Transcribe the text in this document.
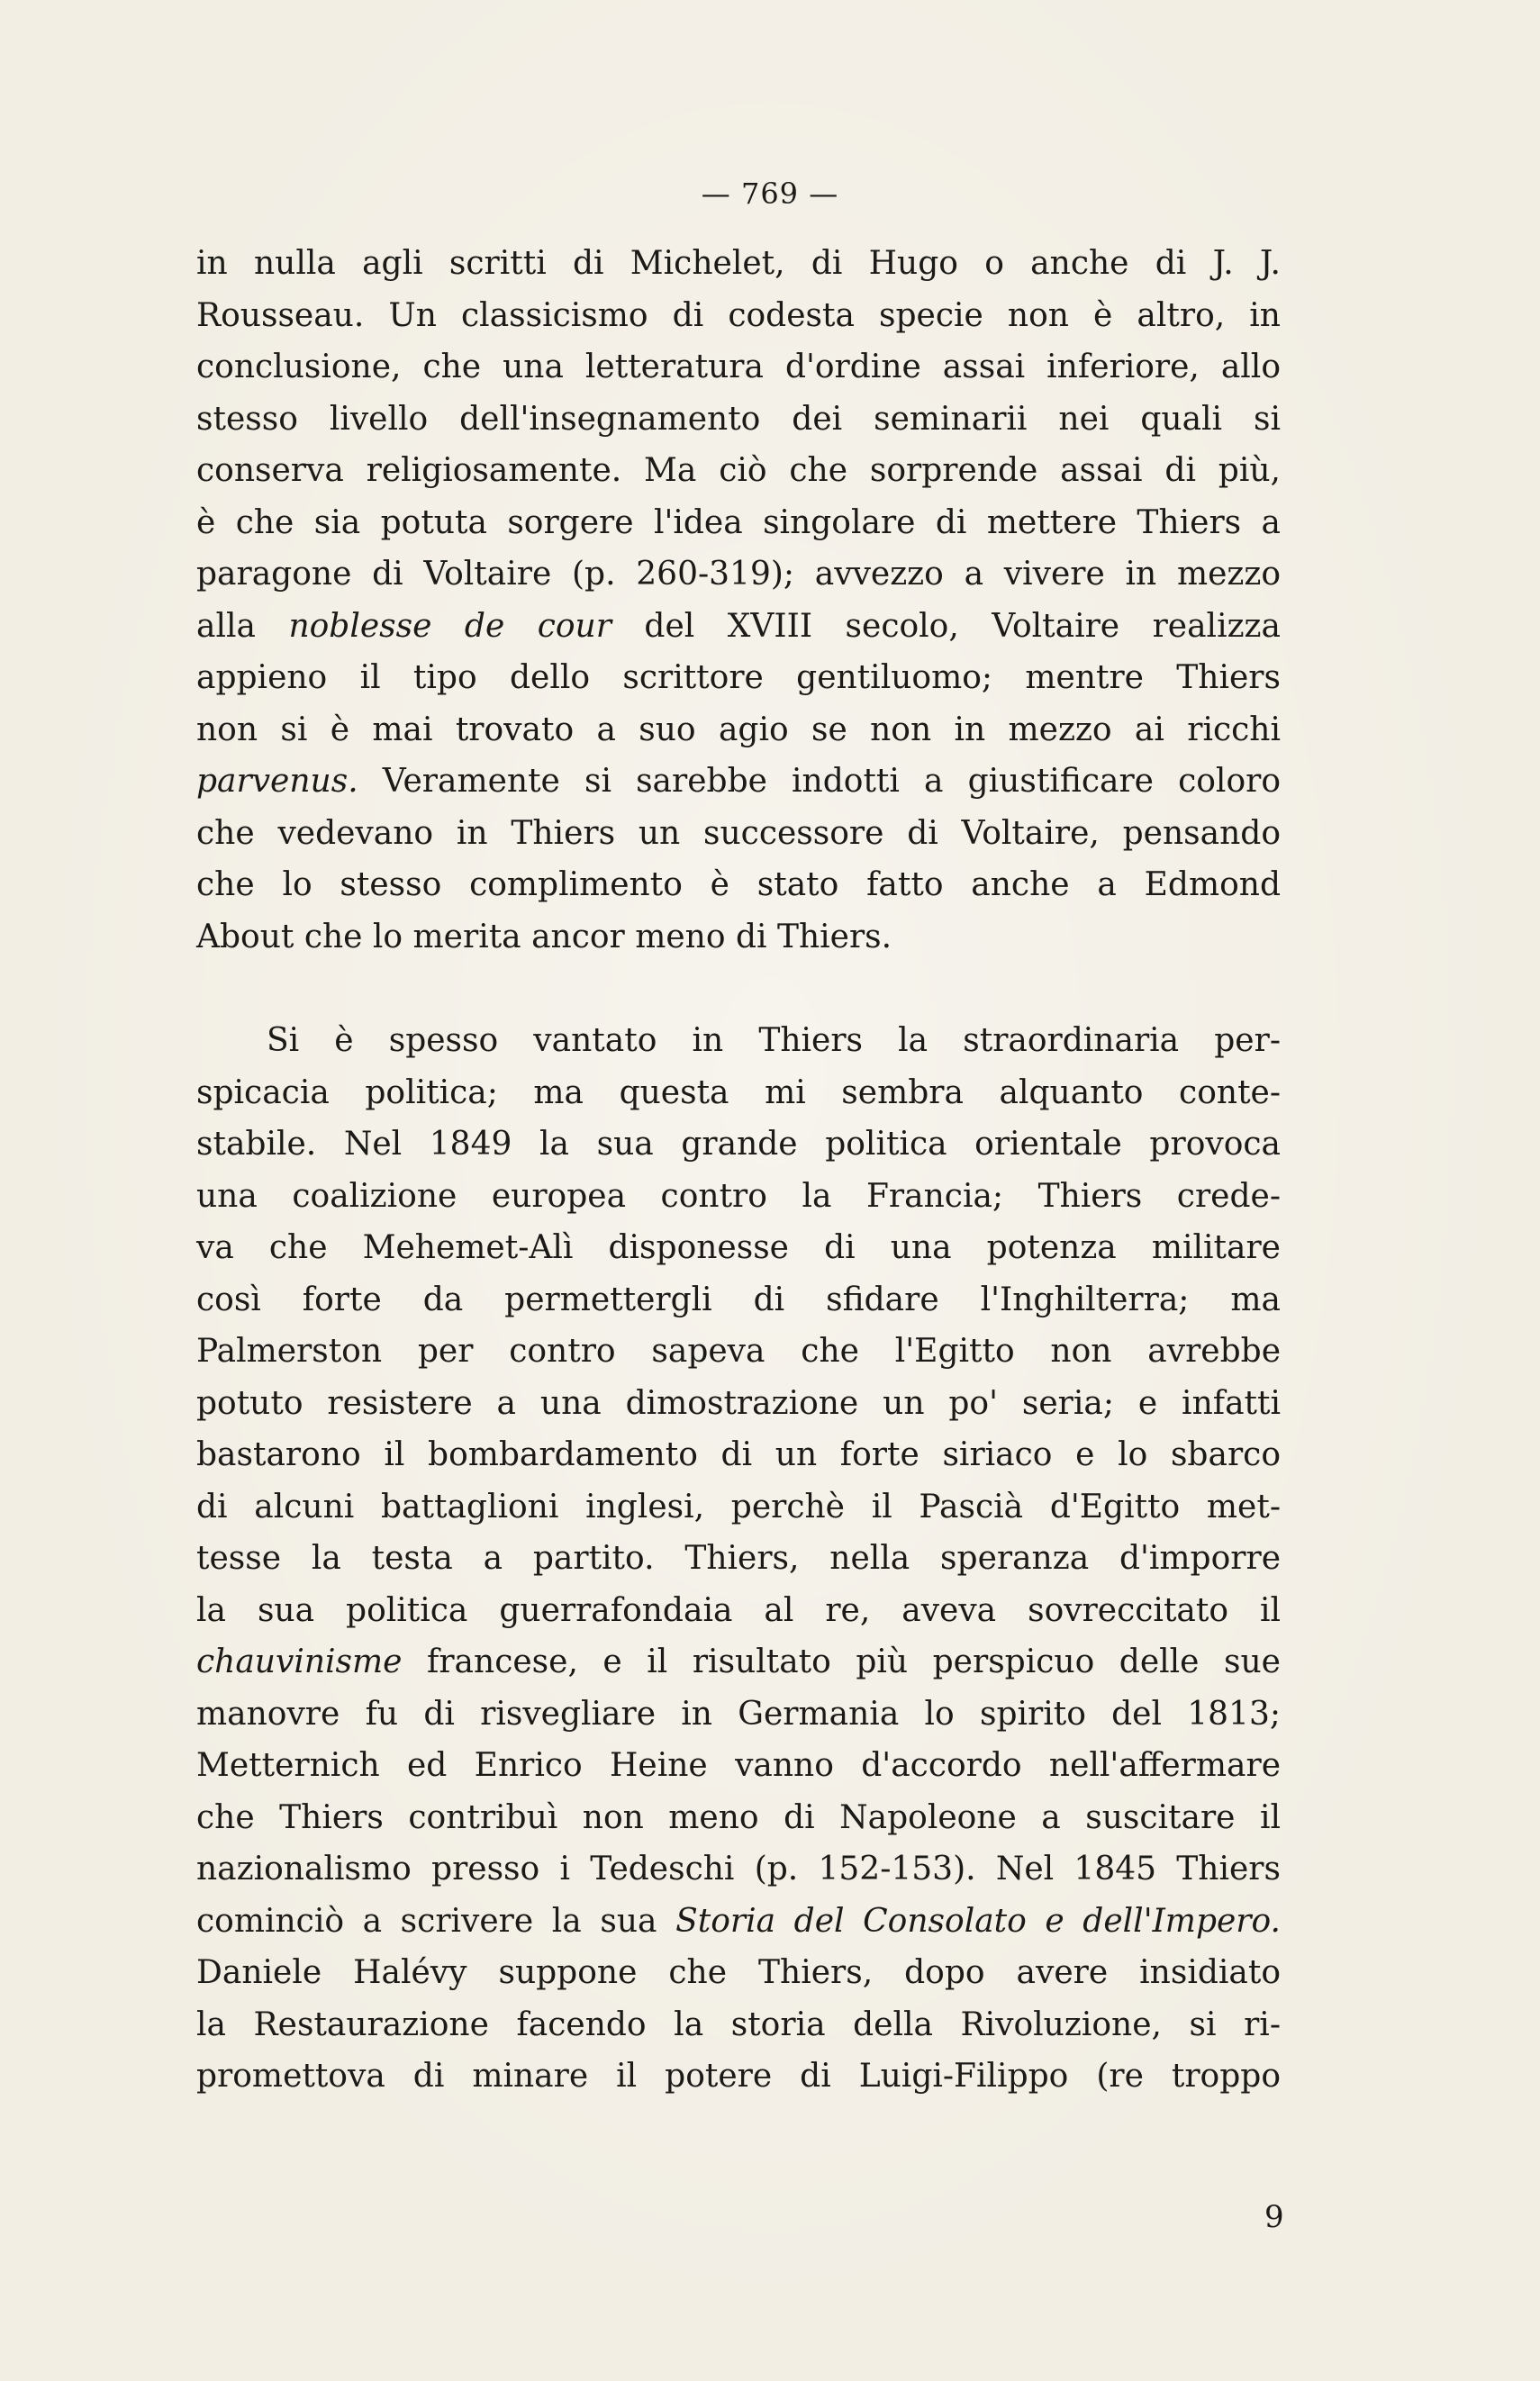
— 769 —
in nulla agli scritti di Michelet, di Hugo o anche di J. J.
Rousseau. Un classicismo di codesta specie non è altro, in
conclusione, che una letteratura d'ordine assai inferiore, allo
stesso livello dell'insegnamento dei seminarii nei quali si
conserva religiosamente. Ma ciò che sorprende assai di più,
è che sia potuta sorgere l'idea singolare di mettere Thiers a
paragone di Voltaire (p. 260-319); avvezzo a vivere in mezzo
alla noblesse de cour del XVIII secolo, Voltaire realizza
appieno il tipo dello scrittore gentiluomo; mentre Thiers
non si è mai trovato a suo agio se non in mezzo ai ricchi
parvenus. Veramente si sarebbe indotti a giustificare coloro
che vedevano in Thiers un successore di Voltaire, pensando
che lo stesso complimento è stato fatto anche a Edmond
About che lo merita ancor meno di Thiers.
Si è spesso vantato in Thiers la straordinaria per-
spicacia politica; ma questa mi sembra alquanto conte-
stabile. Nel 1849 la sua grande politica orientale provoca
una coalizione europea contro la Francia; Thiers crede-
va che Mehemet-Alì disponesse di una potenza militare
così forte da permettergli di sfidare l'Inghilterra; ma
Palmerston per contro sapeva che l'Egitto non avrebbe
potuto resistere a una dimostrazione un po' seria; e infatti
bastarono il bombardamento di un forte siriaco e lo sbarco
di alcuni battaglioni inglesi, perchè il Pascià d'Egitto met-
tesse la testa a partito. Thiers, nella speranza d'imporre
la sua politica guerrafondaia al re, aveva sovreccitato il
chauvinisme francese, e il risultato più perspicuo delle sue
manovre fu di risvegliare in Germania lo spirito del 1813;
Metternich ed Enrico Heine vanno d'accordo nell'affermare
che Thiers contribuì non meno di Napoleone a suscitare il
nazionalismo presso i Tedeschi (p. 152-153). Nel 1845 Thiers
cominciò a scrivere la sua Storia del Consolato e dell'Impero.
Daniele Halévy suppone che Thiers, dopo avere insidiato
la Restaurazione facendo la storia della Rivoluzione, si ri-
promettova di minare il potere di Luigi-Filippo (re troppo
9
